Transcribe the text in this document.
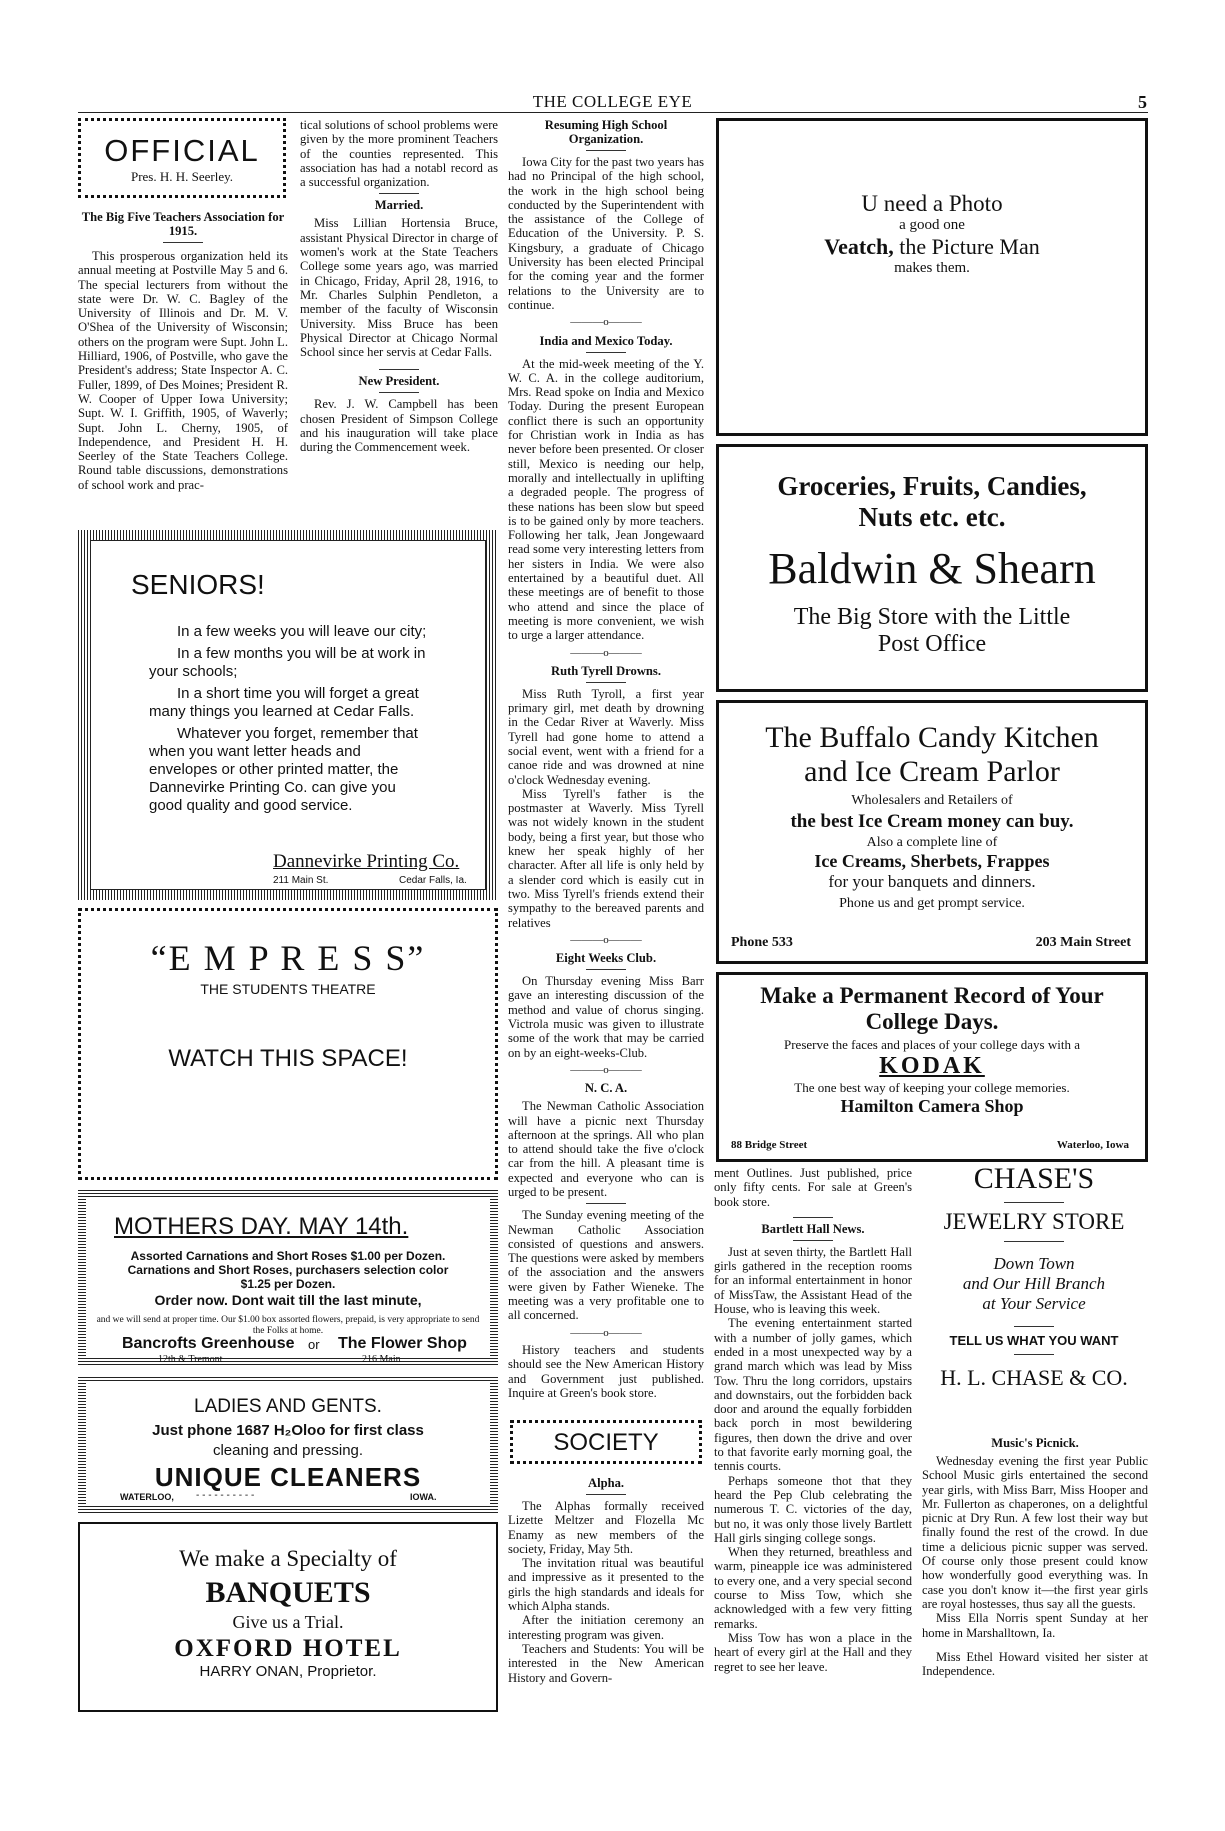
THE COLLEGE EYE	5
OFFICIAL
Pres. H. H. Seerley.
The Big Five Teachers Association for 1915.

This prosperous organization held its annual meeting at Postville May 5 and 6. The special lecturers from without the state were Dr. W. C. Bagley of the University of Illinois and Dr. M. V. O'Shea of the University of Wisconsin; others on the program were Supt. John L. Hilliard, 1906, of Postville, who gave the President's address; State Inspector A. C. Fuller, 1899, of Des Moines; President R. W. Cooper of Upper Iowa University; Supt. W. I. Griffith, 1905, of Waverly; Supt. John L. Cherny, 1905, of Independence, and President H. H. Seerley of the State Teachers College. Round table discussions, demonstrations of school work and prac-

tical solutions of school problems were given by the more prominent Teachers of the counties represented. This association has had a notabl record as a successful organization.

Married.

Miss Lillian Hortensia Bruce, assistant Physical Director in charge of women's work at the State Teachers College some years ago, was married in Chicago, Friday, April 28, 1916, to Mr. Charles Sulphin Pendleton, a member of the faculty of Wisconsin University. Miss Bruce has been Physical Director at Chicago Normal School since her servis at Cedar Falls.

New President.

Rev. J. W. Campbell has been chosen President of Simpson College and his inauguration will take place during the Commencement week.

SENIORS!
In a few weeks you will leave our city;
In a few months you will be at work in your schools;
In a short time you will forget a great many things you learned at Cedar Falls.
Whatever you forget, remember that when you want letter heads and envelopes or other printed matter, the Dannevirke Printing Co. can give you good quality and good service.
Dannevirke Printing Co.
211 Main St.	Cedar Falls, Ia.
“E M P R E S S”
THE STUDENTS THEATRE
WATCH THIS SPACE!
MOTHERS DAY. MAY 14th.
Assorted Carnations and Short Roses $1.00 per Dozen.
Carnations and Short Roses, purchasers selection color
$1.25 per Dozen.
Order now. Dont wait till the last minute,
and we will send at proper time. Our $1.00 box assorted flowers, prepaid, is very appropriate to send the Folks at home.
Bancrofts Greenhouse or The Flower Shop
12th & Tremont	216 Main
LADIES AND GENTS.
Just phone 1687 H₂Oloo for first class
cleaning and pressing.
UNIQUE CLEANERS
WATERLOO, - - - - - - - - - -	IOWA.
We make a Specialty of
BANQUETS
Give us a Trial.
OXFORD HOTEL
HARRY ONAN, Proprietor.
Resuming High School Organization.

Iowa City for the past two years has had no Principal of the high school, the work in the high school being conducted by the Superintendent with the assistance of the College of Education of the University. P. S. Kingsbury, a graduate of Chicago University has been elected Principal for the coming year and the former relations to the University are to continue.

———o———
India and Mexico Today.

At the mid-week meeting of the Y. W. C. A. in the college auditorium, Mrs. Read spoke on India and Mexico Today. During the present European conflict there is such an opportunity for Christian work in India as has never before been presented. Or closer still, Mexico is needing our help, morally and intellectually in uplifting a degraded people. The progress of these nations has been slow but speed is to be gained only by more teachers. Following her talk, Jean Jongewaard read some very interesting letters from her sisters in India. We were also entertained by a beautiful duet. All these meetings are of benefit to those who attend and since the place of meeting is more convenient, we wish to urge a larger attendance.

———o———
Ruth Tyrell Drowns.

Miss Ruth Tyroll, a first year primary girl, met death by drowning in the Cedar River at Waverly. Miss Tyrell had gone home to attend a social event, went with a friend for a canoe ride and was drowned at nine o'clock Wednesday evening.

Miss Tyrell's father is the postmaster at Waverly. Miss Tyrell was not widely known in the student body, being a first year, but those who knew her speak highly of her character. After all life is only held by a slender cord which is easily cut in two. Miss Tyrell's friends extend their sympathy to the bereaved parents and relatives

———o———
Eight Weeks Club.

On Thursday evening Miss Barr gave an interesting discussion of the method and value of chorus singing. Victrola music was given to illustrate some of the work that may be carried on by an eight-weeks-Club.

———o———
N. C. A.

The Newman Catholic Association will have a picnic next Thursday afternoon at the springs. All who plan to attend should take the five o'clock car from the hill. A pleasant time is expected and everyone who can is urged to be present.

The Sunday evening meeting of the Newman Catholic Association consisted of questions and answers. The questions were asked by members of the association and the answers were given by Father Wieneke. The meeting was a very profitable one to all concerned.

———o———

History teachers and students should see the New American History and Government just published. Inquire at Green's book store.

SOCIETY
Alpha.

The Alphas formally received Lizette Meltzer and Flozella Mc Enamy as new members of the society, Friday, May 5th.

The invitation ritual was beautiful and impressive as it presented to the girls the high standards and ideals for which Alpha stands.

After the initiation ceremony an interesting program was given.

Teachers and Students: You will be interested in the New American History and Govern-

ment Outlines. Just published, price only fifty cents. For sale at Green's book store.

Bartlett Hall News.

Just at seven thirty, the Bartlett Hall girls gathered in the reception rooms for an informal entertainment in honor of MissTaw, the Assistant Head of the House, who is leaving this week.

The evening entertainment started with a number of jolly games, which ended in a most unexpected way by a grand march which was lead by Miss Tow. Thru the long corridors, upstairs and downstairs, out the forbidden back door and around the equally forbidden back porch in most bewildering figures, then down the drive and over to that favorite early morning goal, the tennis courts.

Perhaps someone thot that they heard the Pep Club celebrating the numerous T. C. victories of the day, but no, it was only those lively Bartlett Hall girls singing college songs.

When they returned, breathless and warm, pineapple ice was administered to every one, and a very special second course to Miss Tow, which she acknowledged with a few very fitting remarks.

Miss Tow has won a place in the heart of every girl at the Hall and they regret to see her leave.

U need a Photo
a good one
Veatch, the Picture Man
makes them.
Groceries, Fruits, Candies,
Nuts etc. etc.
Baldwin & Shearn
The Big Store with the Little
Post Office
The Buffalo Candy Kitchen
and Ice Cream Parlor
Wholesalers and Retailers of
the best Ice Cream money can buy.
Also a complete line of
Ice Creams, Sherbets, Frappes
for your banquets and dinners.
Phone us and get prompt service.
Phone 533	203 Main Street
Make a Permanent Record of Your
College Days.
Preserve the faces and places of your college days with a
KODAK
The one best way of keeping your college memories.
Hamilton Camera Shop
88 Bridge Street	Waterloo, Iowa
CHASE'S
JEWELRY STORE
Down Town
and Our Hill Branch
at Your Service
TELL US WHAT YOU WANT
H. L. CHASE & CO.
Music's Picnick.

Wednesday evening the first year Public School Music girls entertained the second year girls, with Miss Barr, Miss Hooper and Mr. Fullerton as chaperones, on a delightful picnic at Dry Run. A few lost their way but finally found the rest of the crowd. In due time a delicious picnic supper was served. Of course only those present could know how wonderfully good everything was. In case you don't know it—the first year girls are royal hostesses, thus say all the guests.

Miss Ella Norris spent Sunday at her home in Marshalltown, Ia.

Miss Ethel Howard visited her sister at Independence.
